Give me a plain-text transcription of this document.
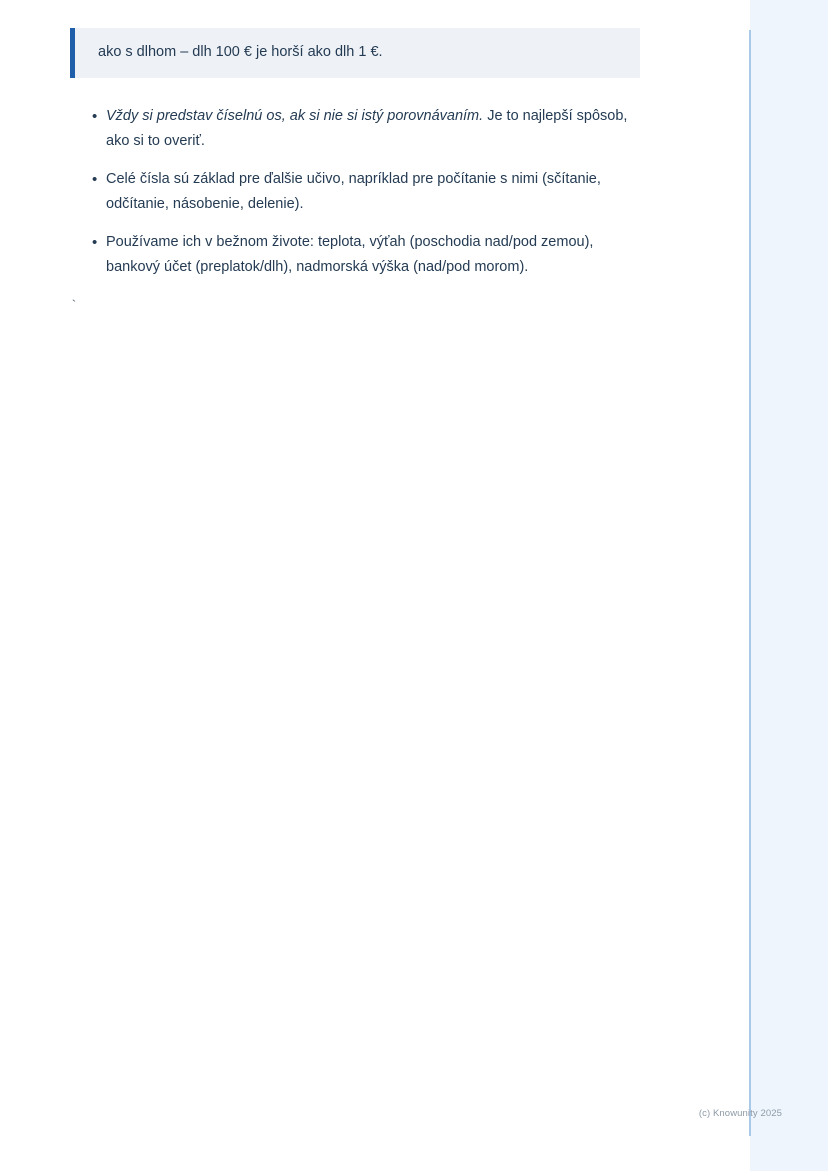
ako s dlhom – dlh 100 € je horší ako dlh 1 €.
• Vždy si predstav číselnú os, ak si nie si istý porovnávaním. Je to najlepší spôsob, ako si to overiť.
• Celé čísla sú základ pre ďalšie učivo, napríklad pre počítanie s nimi (sčítanie, odčítanie, násobenie, delenie).
• Používame ich v bežnom živote: teplota, výťah (poschodia nad/pod zemou), bankový účet (preplatok/dlh), nadmorská výška (nad/pod morom).
`
(c) Knowunity 2025
